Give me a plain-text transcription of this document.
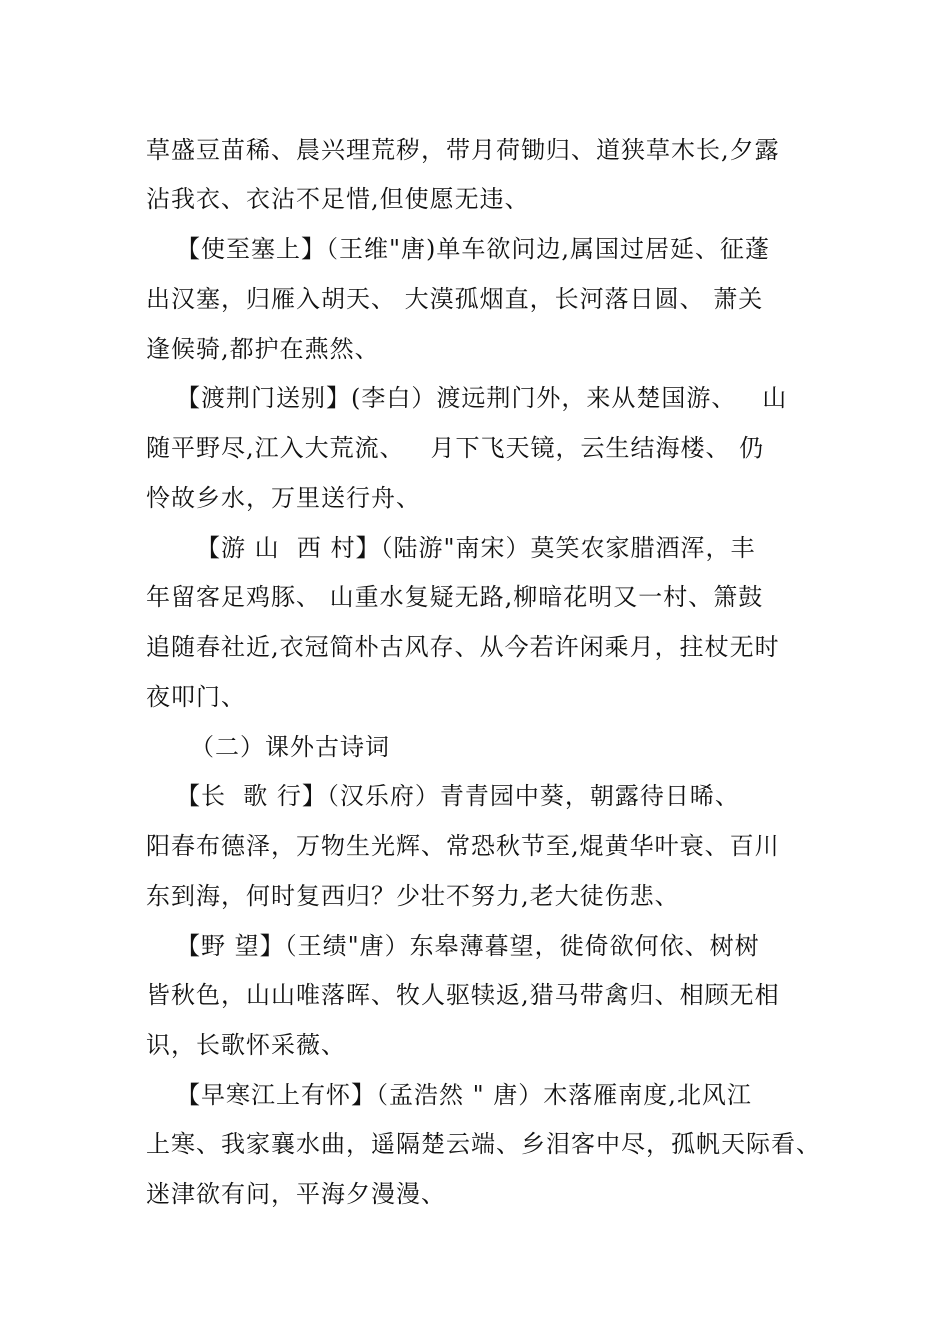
草盛豆苗稀、晨兴理荒秽，带月荷锄归、道狭草木长,夕露
沾我衣、衣沾不足惜,但使愿无违、
【使至塞上】（王维"唐)单车欲问边,属国过居延、征蓬
出汉塞，归雁入胡天、 大漠孤烟直，长河落日圆、 萧关
逢候骑,都护在燕然、
【渡荆门送别】(李白）渡远荆门外，来从楚国游、   山
随平野尽,江入大荒流、   月下飞天镜，云生结海楼、 仍
怜故乡水，万里送行舟、
【游 山  西 村】（陆游"南宋）莫笑农家腊酒浑，丰
年留客足鸡豚、 山重水复疑无路,柳暗花明又一村、箫鼓
追随春社近,衣冠简朴古风存、从今若许闲乘月，拄杖无时
夜叩门、
（二）课外古诗词
【长  歌 行】（汉乐府）青青园中葵，朝露待日晞、
阳春布德泽，万物生光辉、常恐秋节至,焜黄华叶衰、百川
东到海，何时复西归？少壮不努力,老大徒伤悲、
【野 望】（王绩"唐）东皋薄暮望，徙倚欲何依、树树
皆秋色，山山唯落晖、牧人驱犊返,猎马带禽归、相顾无相
识，长歌怀采薇、
【早寒江上有怀】（孟浩然 " 唐）木落雁南度,北风江
上寒、我家襄水曲，遥隔楚云端、乡泪客中尽，孤帆天际看、
迷津欲有问，平海夕漫漫、
